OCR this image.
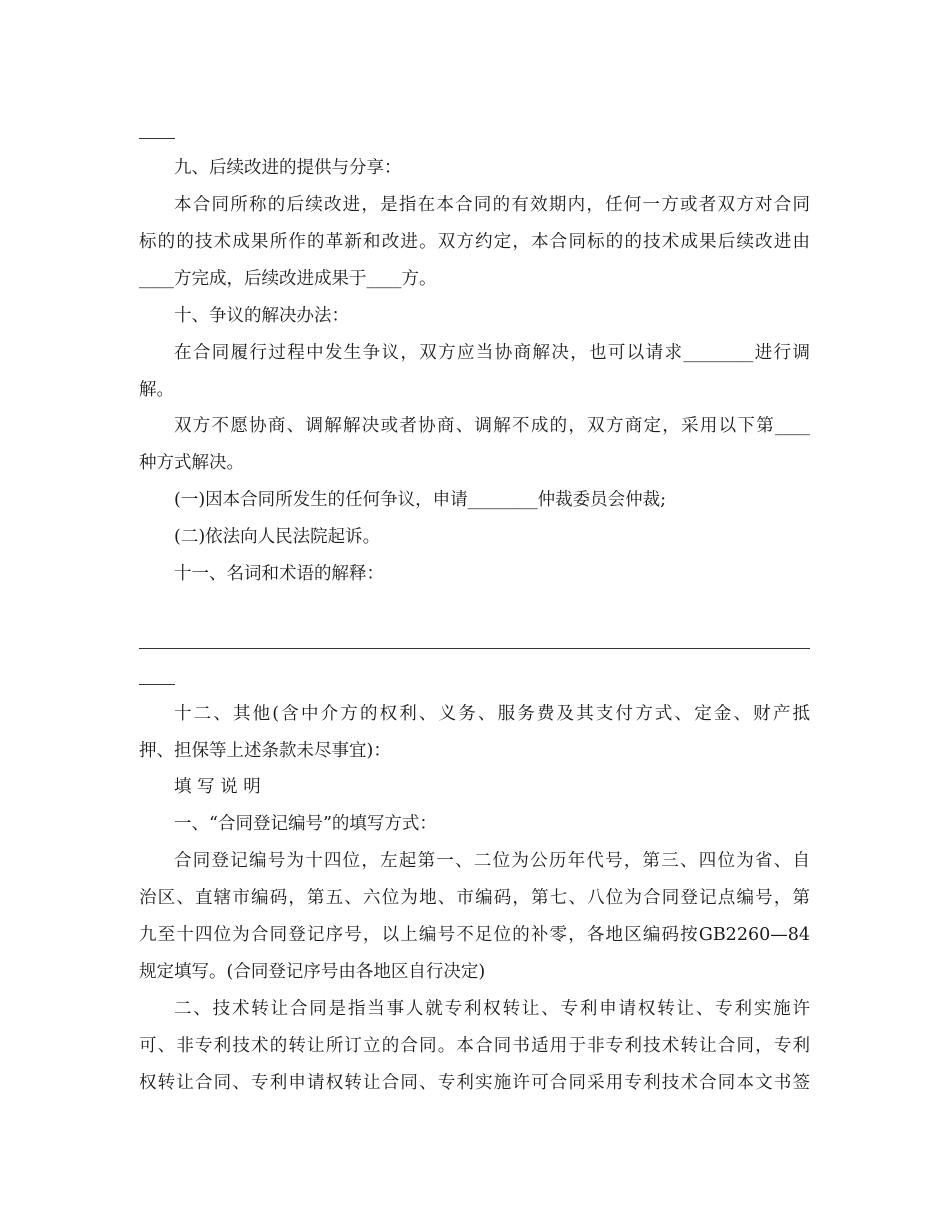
九、后续改进的提供与分享：
本合同所称的后续改进，是指在本合同的有效期内，任何一方或者双方对合同
标的的技术成果所作的革新和改进。双方约定，本合同标的的技术成果后续改进由
____方完成，后续改进成果于____方。
十、争议的解决办法：
在合同履行过程中发生争议，双方应当协商解决，也可以请求________进行调
解。
双方不愿协商、调解解决或者协商、调解不成的，双方商定，采用以下第____
种方式解决。
(一)因本合同所发生的任何争议，申请________仲裁委员会仲裁;
(二)依法向人民法院起诉。
十一、名词和术语的解释：
十二、其他(含中介方的权利、义务、服务费及其支付方式、定金、财产抵
押、担保等上述条款未尽事宜)：
填 写 说 明
一、“合同登记编号”的填写方式：
合同登记编号为十四位，左起第一、二位为公历年代号，第三、四位为省、自
治区、直辖市编码，第五、六位为地、市编码，第七、八位为合同登记点编号，第
九至十四位为合同登记序号，以上编号不足位的补零，各地区编码按GB2260—84
规定填写。(合同登记序号由各地区自行决定)
二、技术转让合同是指当事人就专利权转让、专利申请权转让、专利实施许
可、非专利技术的转让所订立的合同。本合同书适用于非专利技术转让合同，专利
权转让合同、专利申请权转让合同、专利实施许可合同采用专利技术合同本文书签
